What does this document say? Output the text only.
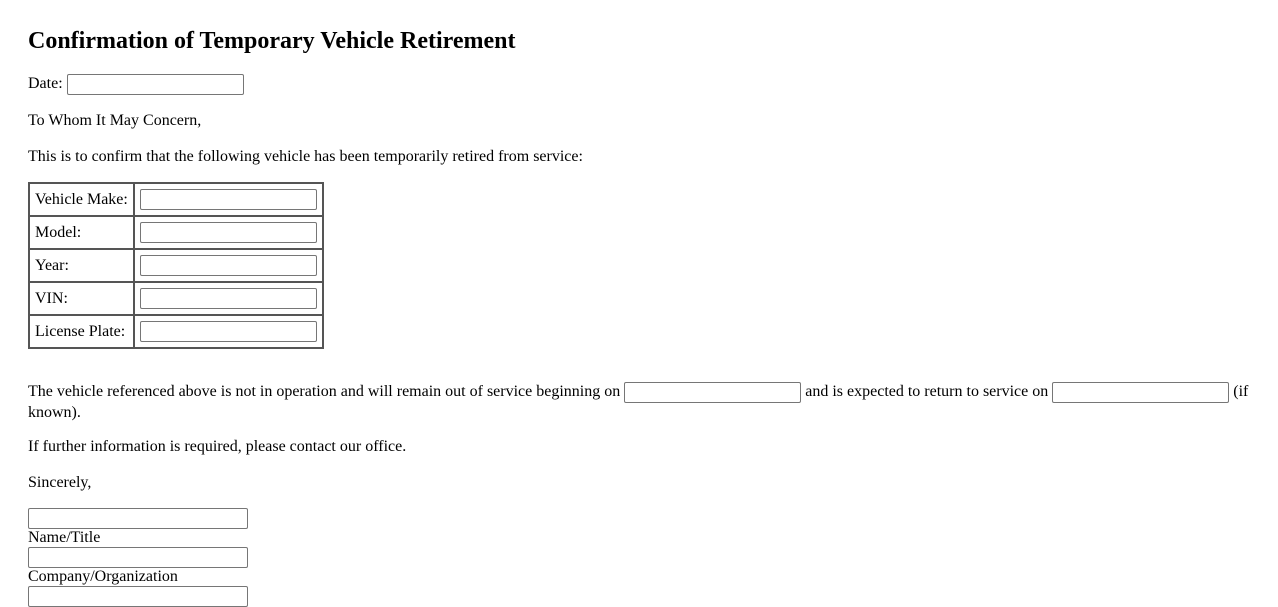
Confirmation of Temporary Vehicle Retirement
Date:

To Whom It May Concern,

This is to confirm that the following vehicle has been temporarily retired from service:

Vehicle Make:	
Model:	
Year:	
VIN:	
License Plate:	

The vehicle referenced above is not in operation and will remain out of service beginning on	and is expected to return to service on	(if known).

If further information is required, please contact our office.

Sincerely,

Name/Title
Company/Organization
